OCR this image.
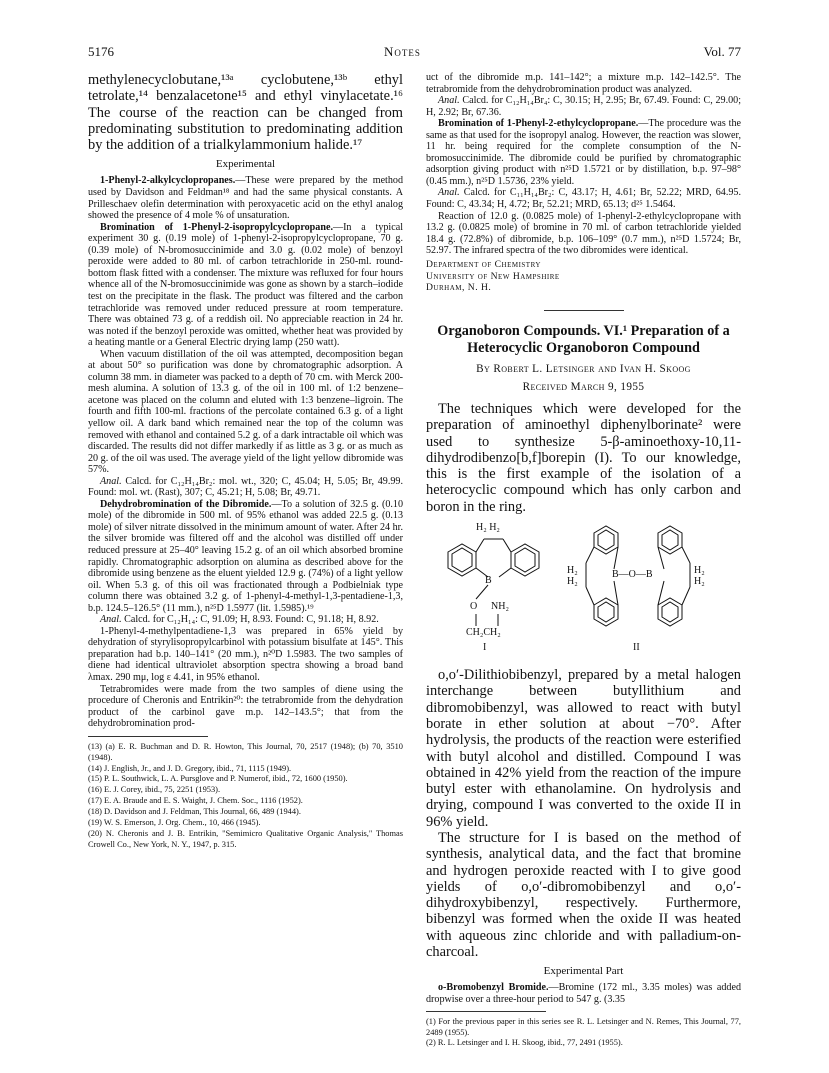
5176	Notes	Vol. 77

methylenecyclobutane,¹³ᵃ cyclobutene,¹³ᵇ ethyl tetrolate,¹⁴ benzalacetone¹⁵ and ethyl vinylacetate.¹⁶ The course of the reaction can be changed from predominating substitution to predominating addition by the addition of a trialkylammonium halide.¹⁷

Experimental

1-Phenyl-2-alkylcyclopropanes.—These were prepared by the method used by Davidson and Feldman¹⁸ and had the same physical constants. A Prilleschaev olefin determination with peroxyacetic acid on the ethyl analog showed the presence of 4 mole % of unsaturation.

Bromination of 1-Phenyl-2-isopropylcyclopropane.—In a typical experiment 30 g. (0.19 mole) of 1-phenyl-2-isopropylcyclopropane, 70 g. (0.39 mole) of N-bromosuccinimide and 3.0 g. (0.02 mole) of benzoyl peroxide were added to 80 ml. of carbon tetrachloride in 250-ml. round-bottom flask fitted with a condenser. The mixture was refluxed for four hours whence all of the N-bromosuccinimide was gone as shown by a starch–iodide test on the precipitate in the flask. The product was filtered and the carbon tetrachloride was removed under reduced pressure at room temperature. There was obtained 73 g. of a reddish oil. No appreciable reaction in 24 hr. was noted if the benzoyl peroxide was omitted, whether heat was provided by a heating mantle or a General Electric drying lamp (250 watt).

When vacuum distillation of the oil was attempted, decomposition began at about 50° so purification was done by chromatographic adsorption. A column 38 mm. in diameter was packed to a depth of 70 cm. with Merck 200-mesh alumina. A solution of 13.3 g. of the oil in 100 ml. of 1:2 benzene–acetone was placed on the column and eluted with 1:3 benzene–ligroin. The fourth and fifth 100-ml. fractions of the percolate contained 6.3 g. of a light yellow oil. A dark band which remained near the top of the column was removed with ethanol and contained 5.2 g. of a dark intractable oil which was discarded. The results did not differ markedly if as little as 3 g. or as much as 20 g. of the oil was used. The average yield of the light yellow dibromide was 57%.

Anal. Calcd. for C₁₂H₁₄Br₂: mol. wt., 320; C, 45.04; H, 5.05; Br, 49.99. Found: mol. wt. (Rast), 307; C, 45.21; H, 5.08; Br, 49.71.

Dehydrobromination of the Dibromide.—To a solution of 32.5 g. (0.10 mole) of the dibromide in 500 ml. of 95% ethanol was added 22.5 g. (0.13 mole) of silver nitrate dissolved in the minimum amount of water. After 24 hr. the silver bromide was filtered off and the alcohol was distilled off under reduced pressure at 25–40° leaving 15.2 g. of an oil which absorbed bromine rapidly. Chromatographic adsorption on alumina as described above for the dibromide using benzene as the eluent yielded 12.9 g. (74%) of a light yellow oil. When 5.3 g. of this oil was fractionated through a Podbielniak type column there was obtained 3.2 g. of 1-phenyl-4-methyl-1,3-pentadiene-1,3, b.p. 124.5–126.5° (11 mm.), n²⁵D 1.5977 (lit. 1.5985).¹⁹

Anal. Calcd. for C₁₂H₁₄: C, 91.09; H, 8.93. Found: C, 91.18; H, 8.92.

1-Phenyl-4-methylpentadiene-1,3 was prepared in 65% yield by dehydration of styrylisopropylcarbinol with potassium bisulfate at 145°. This preparation had b.p. 140–141° (20 mm.), n²⁰D 1.5983. The two samples of diene had identical ultraviolet absorption spectra showing a broad band λmax. 290 mμ, log ε 4.41, in 95% ethanol.

Tetrabromides were made from the two samples of diene using the procedure of Cheronis and Entrikin²⁰: the tetrabromide from the dehydration product of the carbinol gave m.p. 142–143.5°; that from the dehydrobromination prod-

(13) (a) E. R. Buchman and D. R. Howton, This Journal, 70, 2517 (1948); (b) 70, 3510 (1948).

(14) J. English, Jr., and J. D. Gregory, ibid., 71, 1115 (1949).

(15) P. L. Southwick, L. A. Pursglove and P. Numerof, ibid., 72, 1600 (1950).

(16) E. J. Corey, ibid., 75, 2251 (1953).

(17) E. A. Braude and E. S. Waight, J. Chem. Soc., 1116 (1952).

(18) D. Davidson and J. Feldman, This Journal, 66, 489 (1944).

(19) W. S. Emerson, J. Org. Chem., 10, 466 (1945).

(20) N. Cheronis and J. B. Entrikin, "Semimicro Qualitative Organic Analysis," Thomas Crowell Co., New York, N. Y., 1947, p. 315.

uct of the dibromide m.p. 141–142°; a mixture m.p. 142–142.5°. The tetrabromide from the dehydrobromination product was analyzed.

Anal. Calcd. for C₁₂H₁₄Br₄: C, 30.15; H, 2.95; Br, 67.49. Found: C, 29.00; H, 2.92; Br, 67.36.

Bromination of 1-Phenyl-2-ethylcyclopropane.—The procedure was the same as that used for the isopropyl analog. However, the reaction was slower, 11 hr. being required for the complete consumption of the N-bromosuccinimide. The dibromide could be purified by chromatographic adsorption giving product with n²⁵D 1.5721 or by distillation, b.p. 97–98° (0.45 mm.), n²⁵D 1.5736, 23% yield.

Anal. Calcd. for C₁₁H₁₄Br₂: C, 43.17; H, 4.61; Br, 52.22; MRD, 64.95. Found: C, 43.34; H, 4.72; Br, 52.21; MRD, 65.13; d²⁵ 1.5464.

Reaction of 12.0 g. (0.0825 mole) of 1-phenyl-2-ethylcyclopropane with 13.2 g. (0.0825 mole) of bromine in 70 ml. of carbon tetrachloride yielded 18.4 g. (72.8%) of dibromide, b.p. 106–109° (0.7 mm.), n²⁵D 1.5724; Br, 52.97. The infrared spectra of the two dibromides were identical.

Department of Chemistry
University of New Hampshire
Durham, N. H.
Organoboron Compounds. VI.¹ Preparation of a Heterocyclic Organoboron Compound
By Robert L. Letsinger and Ivan H. Skoog
Received March 9, 1955

The techniques which were developed for the preparation of aminoethyl diphenylborinate² were used to synthesize 5-β-aminoethoxy-10,11-dihydrodibenzo[b,f]borepin (I). To our knowledge, this is the first example of the isolation of a heterocyclic compound which has only carbon and boron in the ring.

H₂ H₂
B
O NH₂
CH₂CH₂
I
H₂
H₂
B—O—B	H₂
H₂
II

o,o′-Dilithiobibenzyl, prepared by a metal halogen interchange between butyllithium and dibromobibenzyl, was allowed to react with butyl borate in ether solution at about −70°. After hydrolysis, the products of the reaction were esterified with butyl alcohol and distilled. Compound I was obtained in 42% yield from the reaction of the impure butyl ester with ethanolamine. On hydrolysis and drying, compound I was converted to the oxide II in 96% yield.

The structure for I is based on the method of synthesis, analytical data, and the fact that bromine and hydrogen peroxide reacted with I to give good yields of o,o′-dibromobibenzyl and o,o′-dihydroxybibenzyl, respectively. Furthermore, bibenzyl was formed when the oxide II was heated with aqueous zinc chloride and with palladium-on-charcoal.

Experimental Part

o-Bromobenzyl Bromide.—Bromine (172 ml., 3.35 moles) was added dropwise over a three-hour period to 547 g. (3.35

(1) For the previous paper in this series see R. L. Letsinger and N. Remes, This Journal, 77, 2489 (1955).

(2) R. L. Letsinger and I. H. Skoog, ibid., 77, 2491 (1955).
